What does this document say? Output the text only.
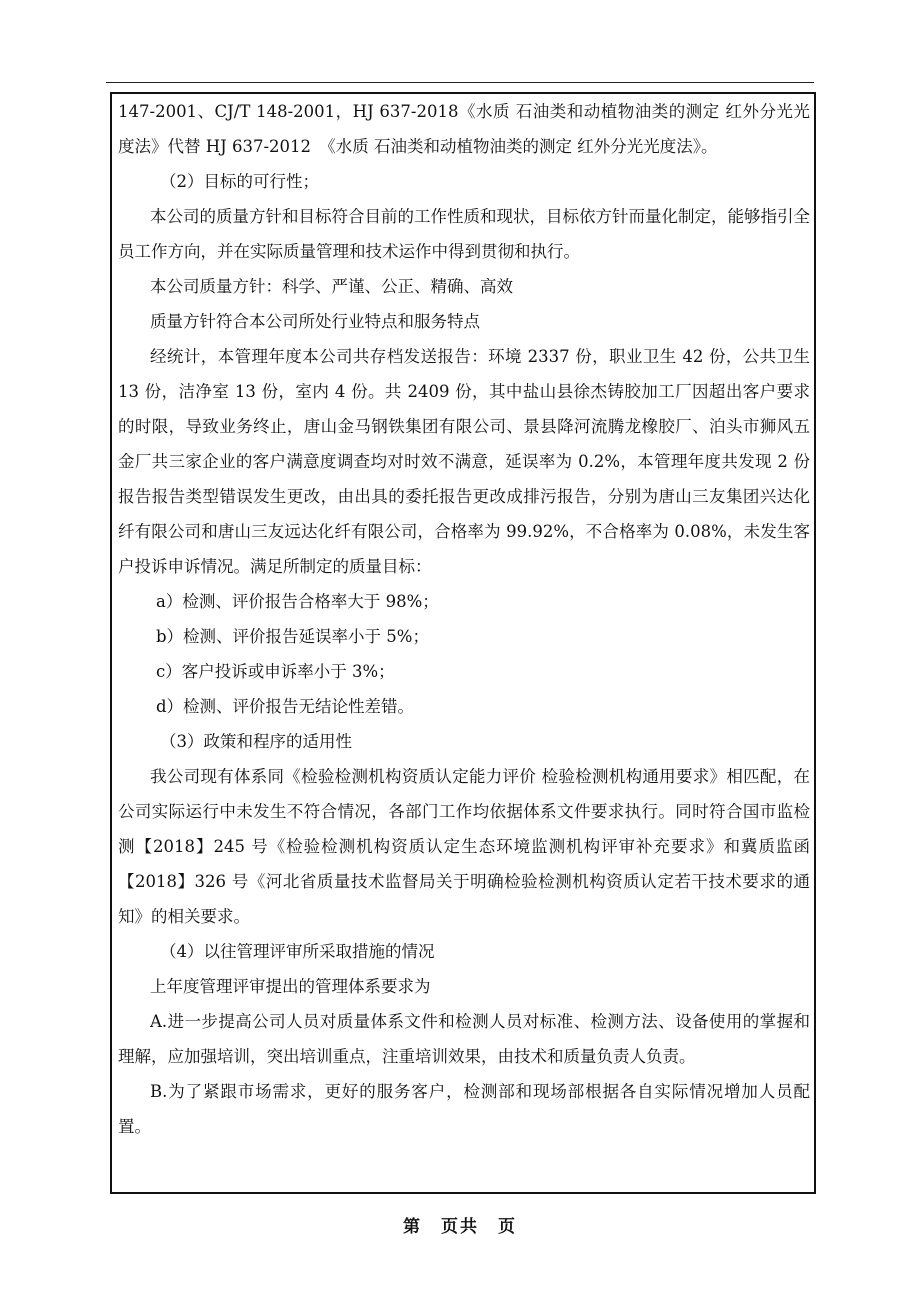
147-2001、CJ/T 148-2001，HJ 637-2018《水质 石油类和动植物油类的测定 红外分光光度法》代替 HJ 637-2012　《水质 石油类和动植物油类的测定 红外分光光度法》。

（2）目标的可行性；

本公司的质量方针和目标符合目前的工作性质和现状，目标依方针而量化制定，能够指引全员工作方向，并在实际质量管理和技术运作中得到贯彻和执行。

本公司质量方针：科学、严谨、公正、精确、高效

质量方针符合本公司所处行业特点和服务特点

经统计，本管理年度本公司共存档发送报告：环境 2337 份，职业卫生 42 份，公共卫生 13 份，洁净室 13 份，室内 4 份。共 2409 份，其中盐山县徐杰铸胶加工厂因超出客户要求的时限，导致业务终止，唐山金马钢铁集团有限公司、景县降河流腾龙橡胶厂、泊头市狮风五金厂共三家企业的客户满意度调查均对时效不满意，延误率为 0.2%，本管理年度共发现 2 份报告报告类型错误发生更改，由出具的委托报告更改成排污报告，分别为唐山三友集团兴达化纤有限公司和唐山三友远达化纤有限公司，合格率为 99.92%，不合格率为 0.08%，未发生客户投诉申诉情况。满足所制定的质量目标：

a）检测、评价报告合格率大于 98%；

b）检测、评价报告延误率小于 5%；

c）客户投诉或申诉率小于 3%；

d）检测、评价报告无结论性差错。

（3）政策和程序的适用性

我公司现有体系同《检验检测机构资质认定能力评价 检验检测机构通用要求》相匹配，在公司实际运行中未发生不符合情况，各部门工作均依据体系文件要求执行。同时符合国市监检测【2018】245 号《检验检测机构资质认定生态环境监测机构评审补充要求》和冀质监函【2018】326 号《河北省质量技术监督局关于明确检验检测机构资质认定若干技术要求的通知》的相关要求。

（4）以往管理评审所采取措施的情况

上年度管理评审提出的管理体系要求为

A.进一步提高公司人员对质量体系文件和检测人员对标准、检测方法、设备使用的掌握和理解，应加强培训，突出培训重点，注重培训效果，由技术和质量负责人负责。

B.为了紧跟市场需求，更好的服务客户，检测部和现场部根据各自实际情况增加人员配置。

第　页共　页
